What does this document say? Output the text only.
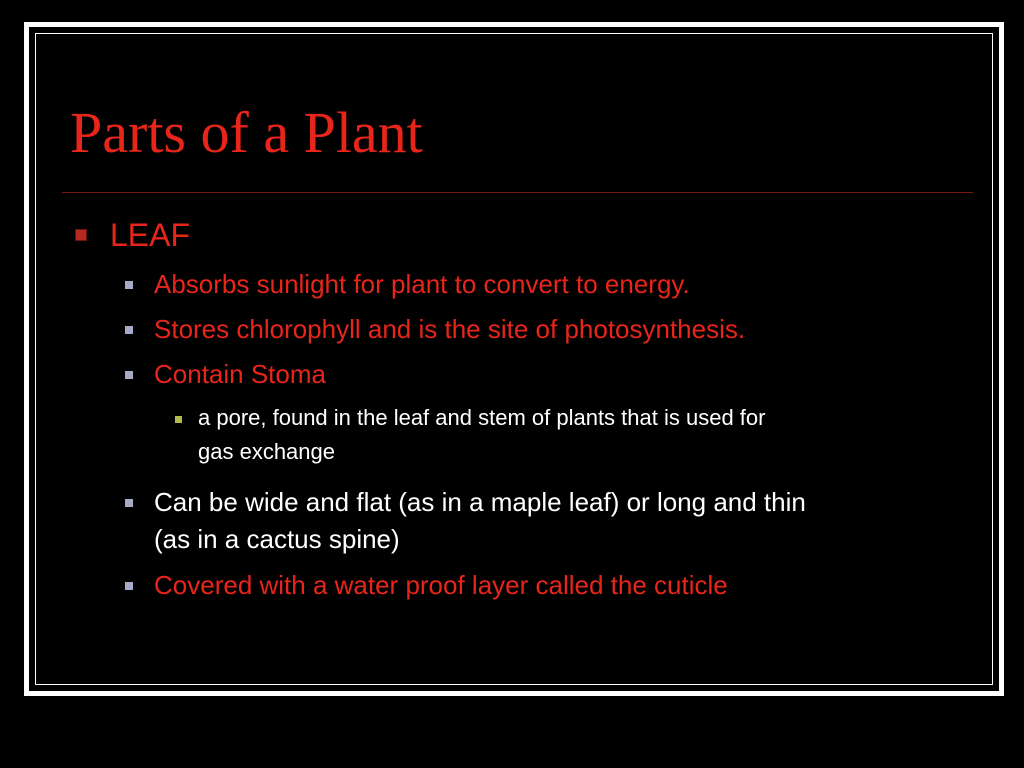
Parts of a Plant
LEAF
Absorbs sunlight for plant to convert to energy.
Stores chlorophyll and is the site of photosynthesis.
Contain Stoma
a pore, found in the leaf and stem of plants that is used for
gas exchange
Can be wide and flat (as in a maple leaf) or long and thin
(as in a cactus spine)
Covered with a water proof layer called the cuticle
